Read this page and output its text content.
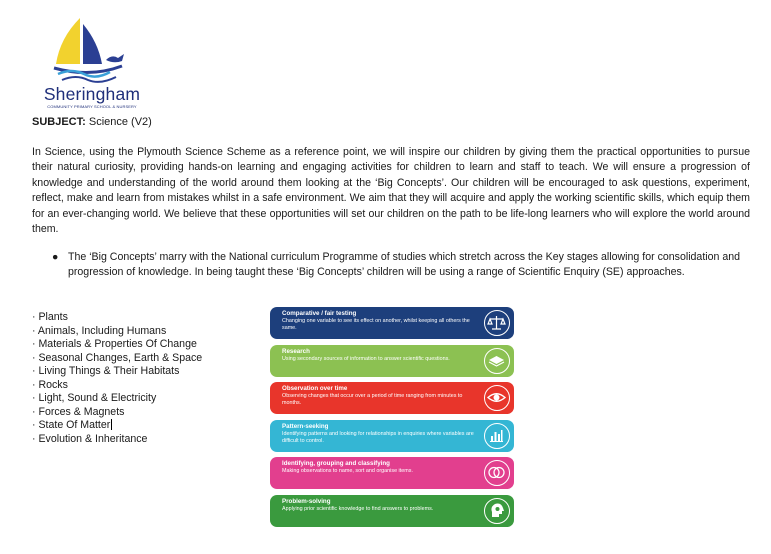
Sheringham
COMMUNITY PRIMARY SCHOOL & NURSERY
SUBJECT: Science (V2)

In Science, using the Plymouth Science Scheme as a reference point, we will inspire our children by giving them the practical opportunities to pursue their natural curiosity, providing hands-on learning and engaging activities for children to learn and staff to teach. We will ensure a progression of knowledge and understanding of the world around them looking at the ‘Big Concepts’. Our children will be encouraged to ask questions, experiment, reflect, make and learn from mistakes whilst in a safe environment. We aim that they will acquire and apply the working scientific skills, which equip them for an ever-changing world. We believe that these opportunities will set our children on the path to be life-long learners who will explore the world around them.

● The ‘Big Concepts’ marry with the National curriculum Programme of studies which stretch across the Key stages allowing for consolidation and progression of knowledge. In being taught these ‘Big Concepts’ children will be using a range of Scientific Enquiry (SE) approaches.

· Plants
· Animals, Including Humans
· Materials & Properties Of Change
· Seasonal Changes, Earth & Space
· Living Things & Their Habitats
· Rocks
· Light, Sound & Electricity
· Forces & Magnets
· State Of Matter
· Evolution & Inheritance
Comparative / fair testing
Changing one variable to see its effect on another, whilst keeping all others the same.
Research
Using secondary sources of information to answer scientific questions.
Observation over time
Observing changes that occur over a period of time ranging from minutes to months.
Pattern-seeking
Identifying patterns and looking for relationships in enquiries where variables are difficult to control.
Identifying, grouping and classifying
Making observations to name, sort and organise items.
Problem-solving
Applying prior scientific knowledge to find answers to problems.
